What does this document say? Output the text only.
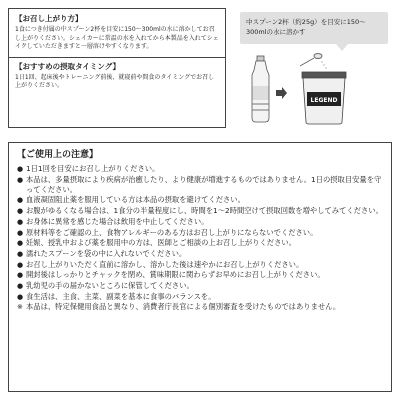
【お召し上がり方】

1食につき付属の中スプーン2杯を目安に150〜300mlの水に溶かしてお召し上がりください。シェイカーに常温の水を入れてから本製品を入れてシェイクしていただきますと一層溶けやすくなります。

【おすすめの摂取タイミング】

1日1回、起床後やトレーニング前後、就寝前や間食のタイミングでお召し上がりください。

中スプーン2杯（約25g）を目安に150〜300mlの水に溶かす
LEGEND
【ご使用上の注意】
● 1日1回を目安にお召し上がりください。
● 本品は、多量摂取により疾病が治癒したり、より健康が増進するものではありません。1日の摂取目安量を守ってください。
● 血液凝固阻止薬を服用している方は本品の摂取を避けてください。
● お腹がゆるくなる場合は、1食分の半量程度にし、時間を1〜2時間空けて摂取回数を増やしてみてください。
● お身体に異常を感じた場合は飲用を中止してください。
● 原材料等をご確認の上、食物アレルギーのある方はお召し上がりにならないでください。
● 妊娠、授乳中および薬を服用中の方は、医師とご相談の上お召し上がりください。
● 濡れたスプーンを袋の中に入れないでください。
● お召し上がりいただく直前に溶かし、溶かした後は速やかにお召し上がりください。
● 開封後はしっかりとチャックを閉め、賞味期限に関わらずお早めにお召し上がりください。
● 乳幼児の手の届かないところに保管してください。
● 食生活は、主食、主菜、副菜を基本に食事のバランスを。
※ 本品は、特定保健用食品と異なり、消費者庁長官による個別審査を受けたものではありません。
